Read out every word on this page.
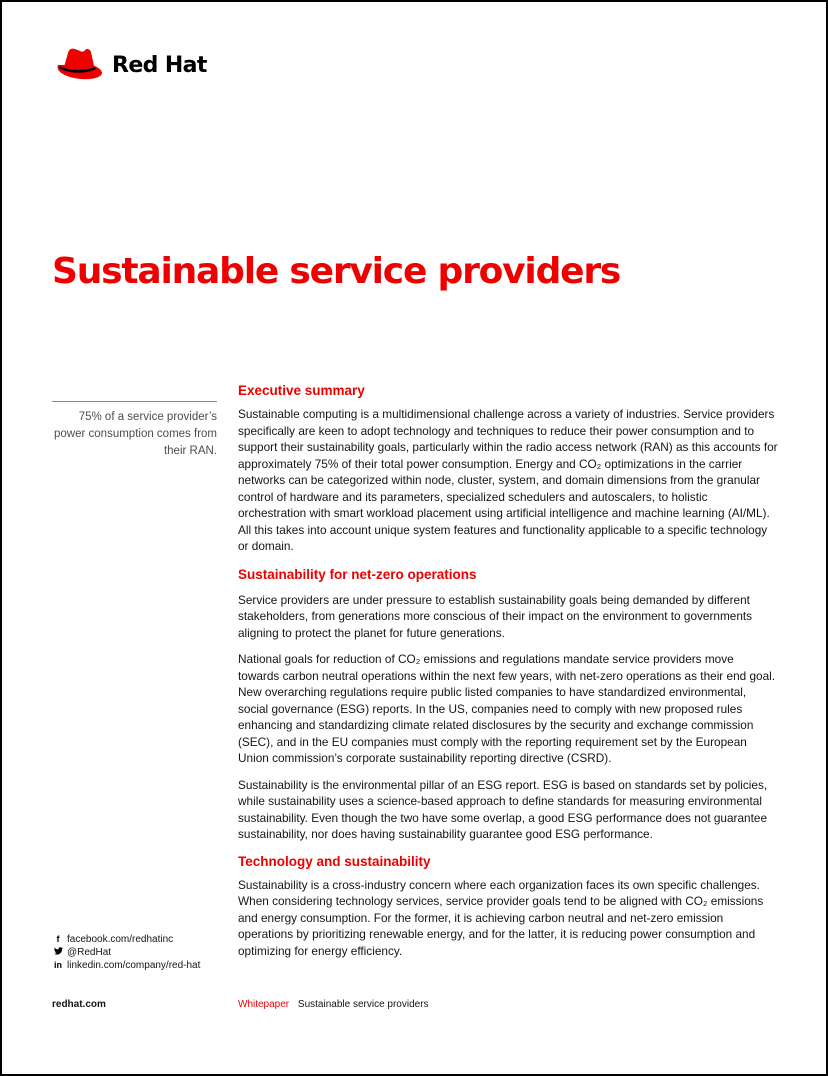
Red Hat
Sustainable service providers
75% of a service provider’s power consumption comes from their RAN.
Executive summary

Sustainable computing is a multidimensional challenge across a variety of industries. Service providers specifically are keen to adopt technology and techniques to reduce their power consumption and to support their sustainability goals, particularly within the radio access network (RAN) as this accounts for approximately 75% of their total power consumption. Energy and CO₂ optimizations in the carrier networks can be categorized within node, cluster, system, and domain dimensions from the granular control of hardware and its parameters, specialized schedulers and autoscalers, to holistic orchestration with smart workload placement using artificial intelligence and machine learning (AI/ML). All this takes into account unique system features and functionality applicable to a specific technology or domain.

Sustainability for net-zero operations

Service providers are under pressure to establish sustainability goals being demanded by different stakeholders, from generations more conscious of their impact on the environment to governments aligning to protect the planet for future generations.

National goals for reduction of CO₂ emissions and regulations mandate service providers move towards carbon neutral operations within the next few years, with net-zero operations as their end goal. New overarching regulations require public listed companies to have standardized environmental, social governance (ESG) reports. In the US, companies need to comply with new proposed rules enhancing and standardizing climate related disclosures by the security and exchange commission (SEC), and in the EU companies must comply with the reporting requirement set by the European Union commission’s corporate sustainability reporting directive (CSRD).

Sustainability is the environmental pillar of an ESG report. ESG is based on standards set by policies, while sustainability uses a science-based approach to define standards for measuring environmental sustainability. Even though the two have some overlap, a good ESG performance does not guarantee sustainability, nor does having sustainability guarantee good ESG performance.

Technology and sustainability

Sustainability is a cross-industry concern where each organization faces its own specific challenges. When considering technology services, service provider goals tend to be aligned with CO₂ emissions and energy consumption. For the former, it is achieving carbon neutral and net-zero emission operations by prioritizing renewable energy, and for the latter, it is reducing power consumption and optimizing for energy efficiency.

f facebook.com/redhatinc
@RedHat
in linkedin.com/company/red-hat
redhat.com	Whitepaper Sustainable service providers
